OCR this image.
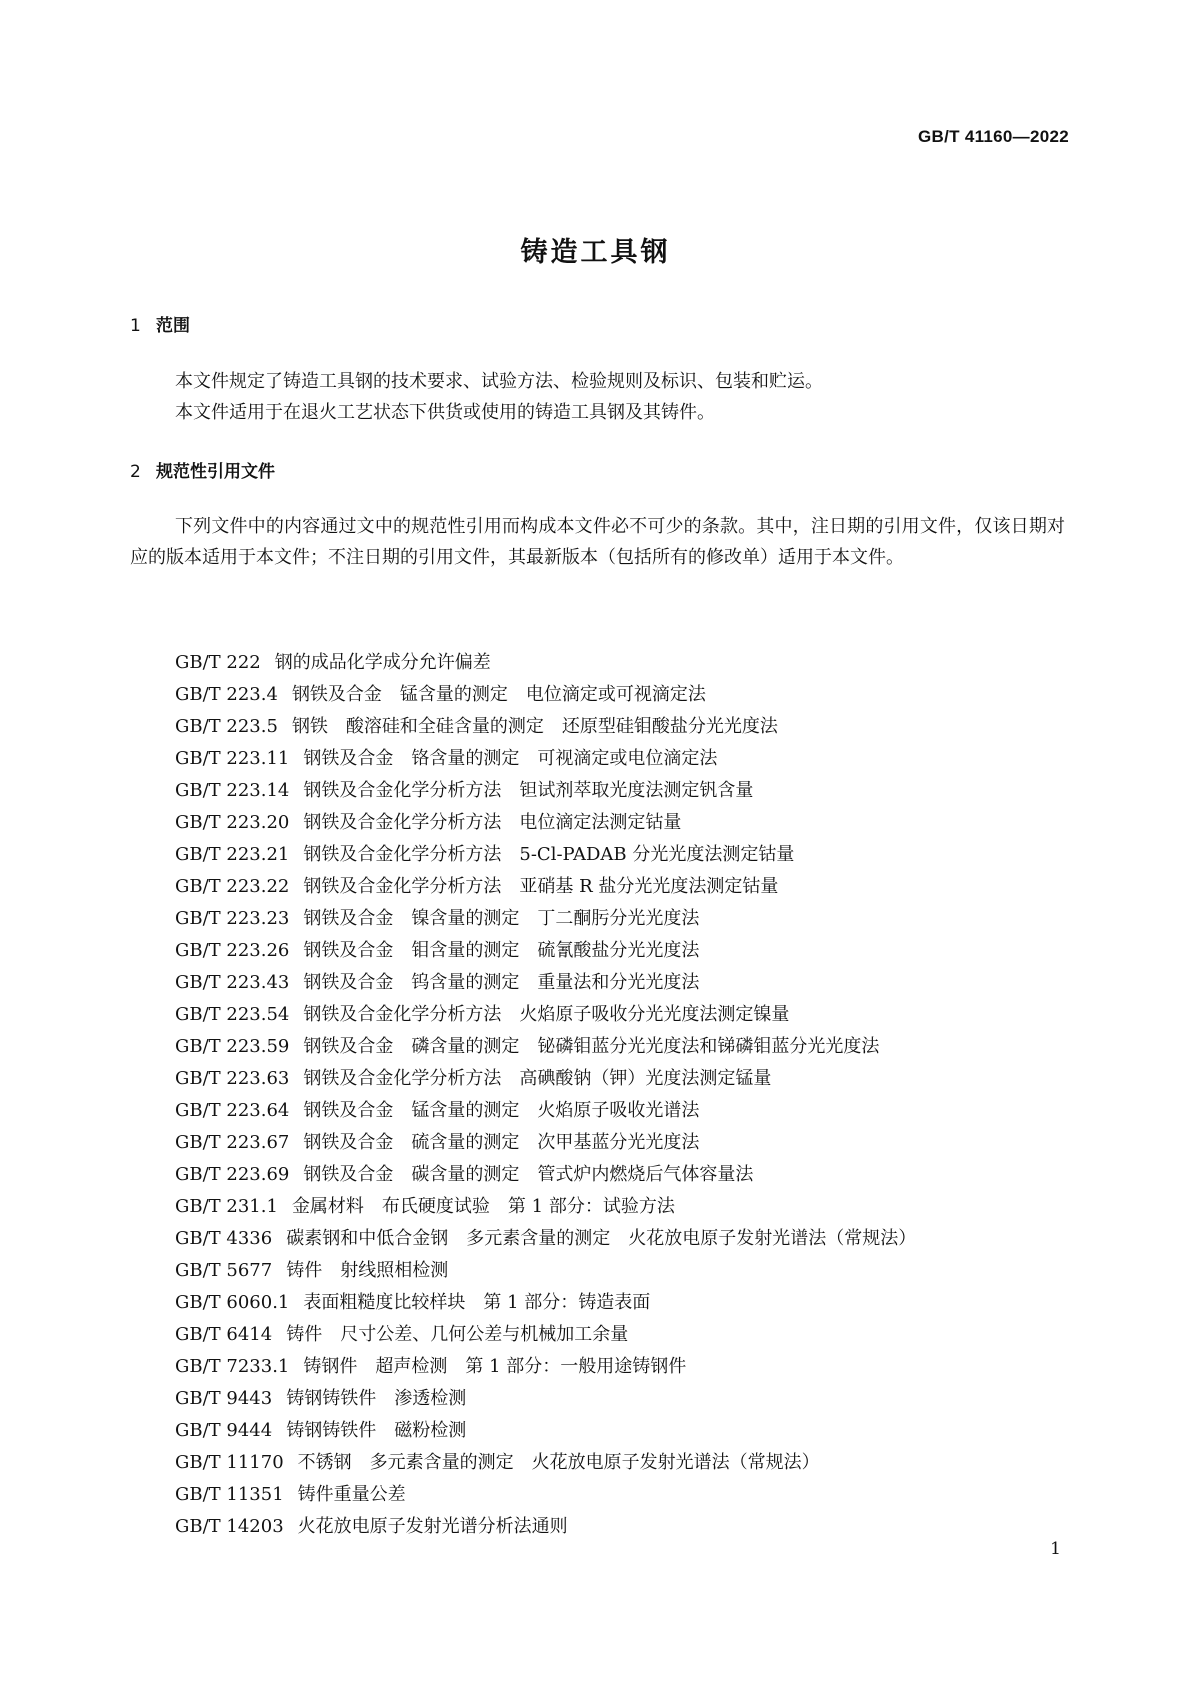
GB/T 41160—2022
铸造工具钢
1 范围

本文件规定了铸造工具钢的技术要求、试验方法、检验规则及标识、包装和贮运。

本文件适用于在退火工艺状态下供货或使用的铸造工具钢及其铸件。

2 规范性引用文件

下列文件中的内容通过文中的规范性引用而构成本文件必不可少的条款。其中，注日期的引用文件，仅该日期对应的版本适用于本文件；不注日期的引用文件，其最新版本（包括所有的修改单）适用于本文件。

GB/T 222 钢的成品化学成分允许偏差
GB/T 223.4 钢铁及合金　锰含量的测定　电位滴定或可视滴定法
GB/T 223.5 钢铁　酸溶硅和全硅含量的测定　还原型硅钼酸盐分光光度法
GB/T 223.11 钢铁及合金　铬含量的测定　可视滴定或电位滴定法
GB/T 223.14 钢铁及合金化学分析方法　钽试剂萃取光度法测定钒含量
GB/T 223.20 钢铁及合金化学分析方法　电位滴定法测定钴量
GB/T 223.21 钢铁及合金化学分析方法　5-Cl-PADAB 分光光度法测定钴量
GB/T 223.22 钢铁及合金化学分析方法　亚硝基 R 盐分光光度法测定钴量
GB/T 223.23 钢铁及合金　镍含量的测定　丁二酮肟分光光度法
GB/T 223.26 钢铁及合金　钼含量的测定　硫氰酸盐分光光度法
GB/T 223.43 钢铁及合金　钨含量的测定　重量法和分光光度法
GB/T 223.54 钢铁及合金化学分析方法　火焰原子吸收分光光度法测定镍量
GB/T 223.59 钢铁及合金　磷含量的测定　铋磷钼蓝分光光度法和锑磷钼蓝分光光度法
GB/T 223.63 钢铁及合金化学分析方法　高碘酸钠（钾）光度法测定锰量
GB/T 223.64 钢铁及合金　锰含量的测定　火焰原子吸收光谱法
GB/T 223.67 钢铁及合金　硫含量的测定　次甲基蓝分光光度法
GB/T 223.69 钢铁及合金　碳含量的测定　管式炉内燃烧后气体容量法
GB/T 231.1 金属材料　布氏硬度试验　第 1 部分：试验方法
GB/T 4336 碳素钢和中低合金钢　多元素含量的测定　火花放电原子发射光谱法（常规法）
GB/T 5677 铸件　射线照相检测
GB/T 6060.1 表面粗糙度比较样块　第 1 部分：铸造表面
GB/T 6414 铸件　尺寸公差、几何公差与机械加工余量
GB/T 7233.1 铸钢件　超声检测　第 1 部分：一般用途铸钢件
GB/T 9443 铸钢铸铁件　渗透检测
GB/T 9444 铸钢铸铁件　磁粉检测
GB/T 11170 不锈钢　多元素含量的测定　火花放电原子发射光谱法（常规法）
GB/T 11351 铸件重量公差
GB/T 14203 火花放电原子发射光谱分析法通则
1
